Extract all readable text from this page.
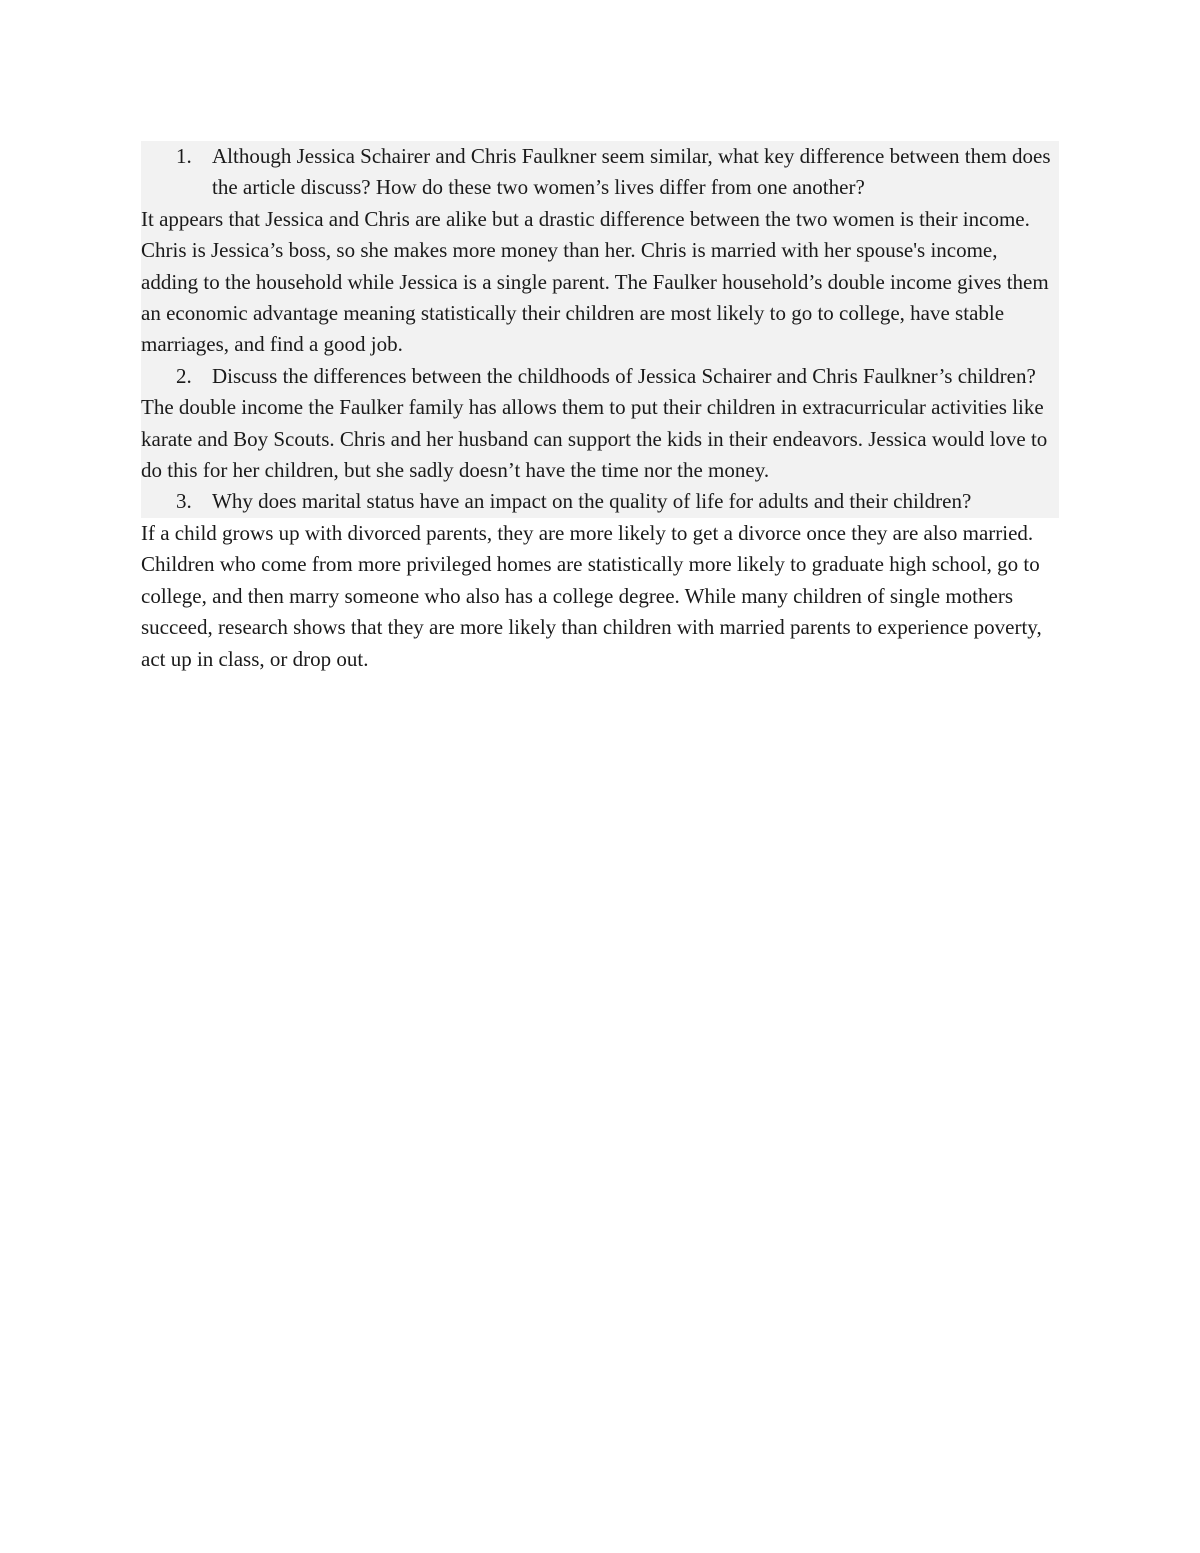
1. Although Jessica Schairer and Chris Faulkner seem similar, what key difference between them does the article discuss? How do these two women’s lives differ from one another?

It appears that Jessica and Chris are alike but a drastic difference between the two women is their income. Chris is Jessica’s boss, so she makes more money than her. Chris is married with her spouse's income, adding to the household while Jessica is a single parent. The Faulker household’s double income gives them an economic advantage meaning statistically their children are most likely to go to college, have stable marriages, and find a good job.

2. Discuss the differences between the childhoods of Jessica Schairer and Chris Faulkner’s children?

The double income the Faulker family has allows them to put their children in extracurricular activities like karate and Boy Scouts. Chris and her husband can support the kids in their endeavors. Jessica would love to do this for her children, but she sadly doesn’t have the time nor the money.

3. Why does marital status have an impact on the quality of life for adults and their children?

If a child grows up with divorced parents, they are more likely to get a divorce once they are also married. Children who come from more privileged homes are statistically more likely to graduate high school, go to college, and then marry someone who also has a college degree. While many children of single mothers succeed, research shows that they are more likely than children with married parents to experience poverty, act up in class, or drop out.
